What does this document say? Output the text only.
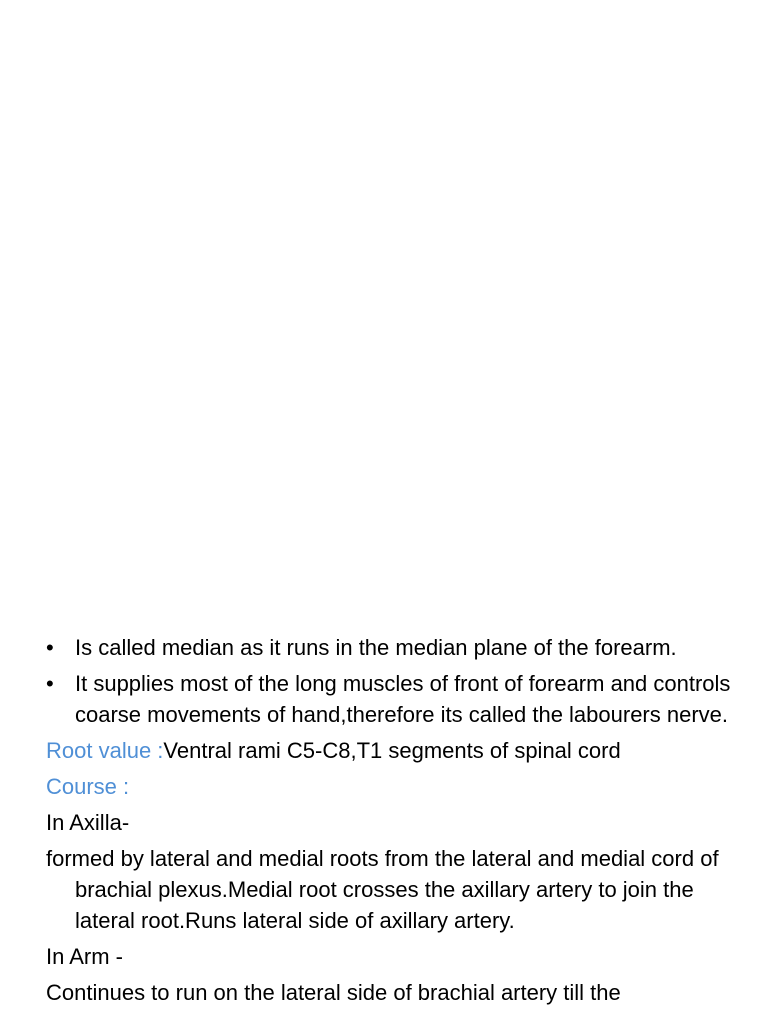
• Is called median as it runs in the median plane of the forearm.
• It supplies most of the long muscles of front of forearm and controls coarse movements of hand,therefore its called the labourers nerve.

Root value :Ventral rami C5-C8,T1 segments of spinal cord

Course :

In Axilla-

formed by lateral and medial roots from the lateral and medial cord of brachial plexus.Medial root crosses the axillary artery to join the lateral root.Runs lateral side of axillary artery.

In Arm -

Continues to run on the lateral side of brachial artery till the
